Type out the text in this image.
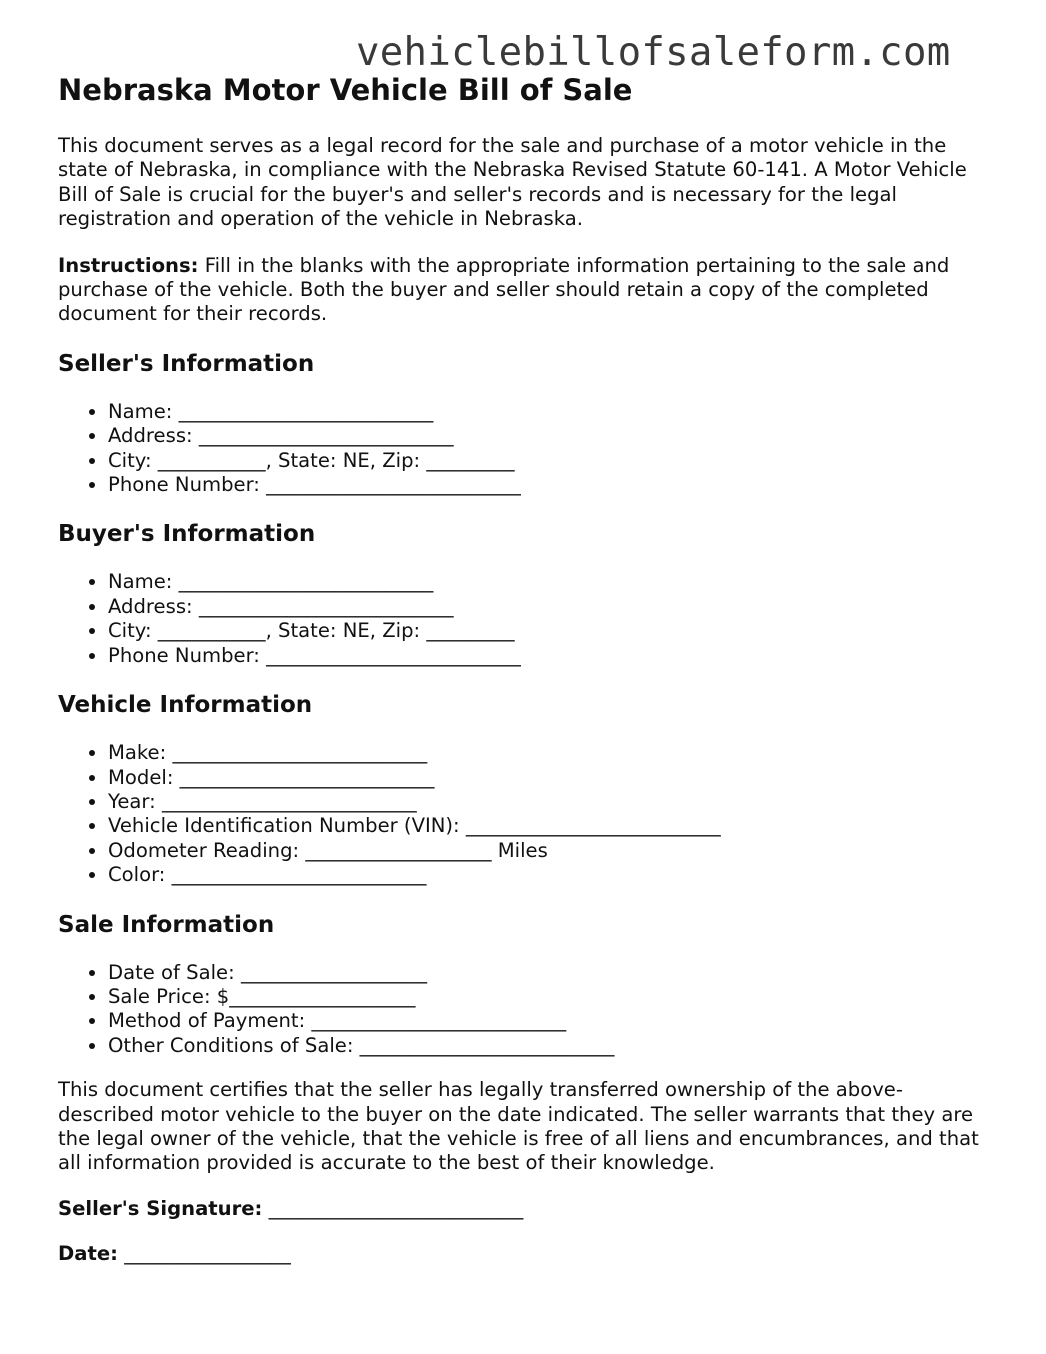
vehiclebillofsaleform.com
Nebraska Motor Vehicle Bill of Sale

This document serves as a legal record for the sale and purchase of a motor vehicle in the state of Nebraska, in compliance with the Nebraska Revised Statute 60-141. A Motor Vehicle Bill of Sale is crucial for the buyer's and seller's records and is necessary for the legal registration and operation of the vehicle in Nebraska.

Instructions: Fill in the blanks with the appropriate information pertaining to the sale and purchase of the vehicle. Both the buyer and seller should retain a copy of the completed document for their records.

Seller's Information
• Name: __________________________
• Address: __________________________
• City: ___________, State: NE, Zip: _________
• Phone Number: __________________________
Buyer's Information
• Name: __________________________
• Address: __________________________
• City: ___________, State: NE, Zip: _________
• Phone Number: __________________________
Vehicle Information
• Make: __________________________
• Model: __________________________
• Year: __________________________
• Vehicle Identification Number (VIN): __________________________
• Odometer Reading: ___________________ Miles
• Color: __________________________
Sale Information
• Date of Sale: ___________________
• Sale Price: $___________________
• Method of Payment: __________________________
• Other Conditions of Sale: __________________________

This document certifies that the seller has legally transferred ownership of the above-described motor vehicle to the buyer on the date indicated. The seller warrants that they are the legal owner of the vehicle, that the vehicle is free of all liens and encumbrances, and that all information provided is accurate to the best of their knowledge.

Seller's Signature: __________________________

Date: _________________
